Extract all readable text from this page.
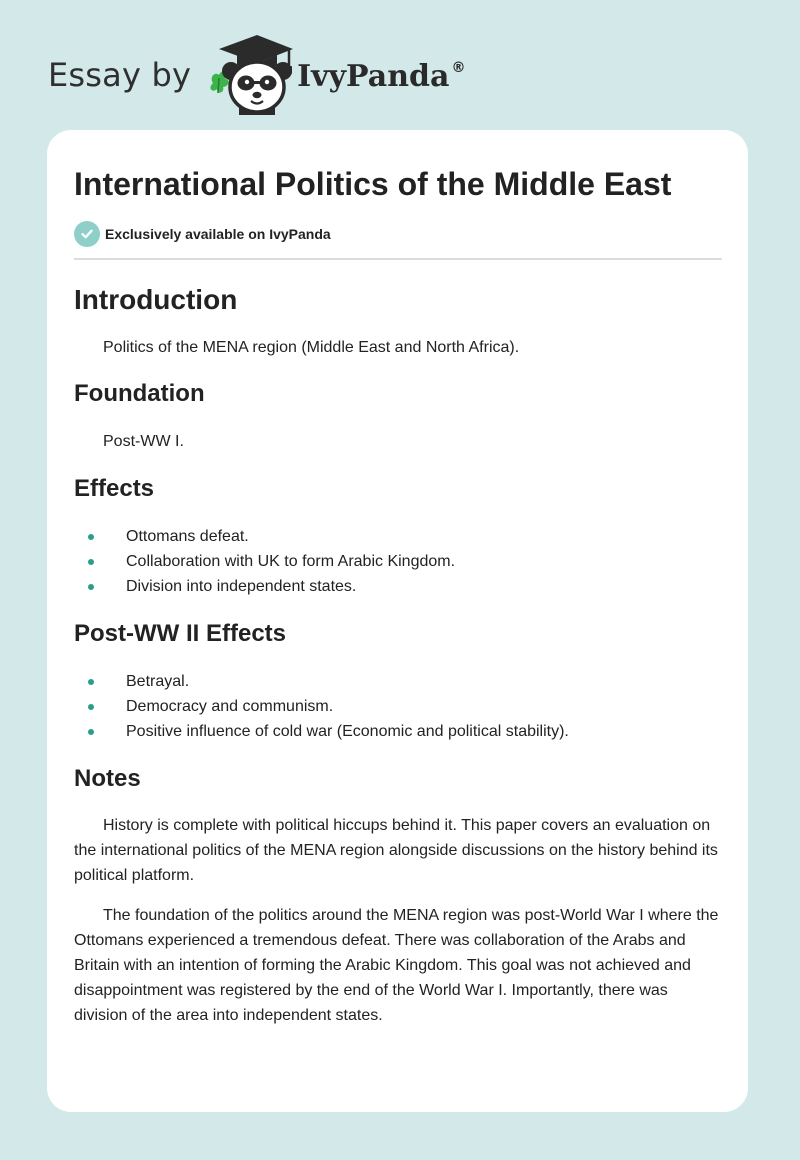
Essay by	IvyPanda ®
International Politics of the Middle East
Exclusively available on IvyPanda
Introduction

Politics of the MENA region (Middle East and North Africa).

Foundation

Post-WW I.

Effects
Ottomans defeat.
Collaboration with UK to form Arabic Kingdom.
Division into independent states.
Post-WW II Effects
Betrayal.
Democracy and communism.
Positive influence of cold war (Economic and political stability).
Notes

History is complete with political hiccups behind it. This paper covers an evaluation on the international politics of the MENA region alongside discussions on the history behind its political platform.

The foundation of the politics around the MENA region was post-World War I where the Ottomans experienced a tremendous defeat. There was collaboration of the Arabs and Britain with an intention of forming the Arabic Kingdom. This goal was not achieved and disappointment was registered by the end of the World War I. Importantly, there was division of the area into independent states.
